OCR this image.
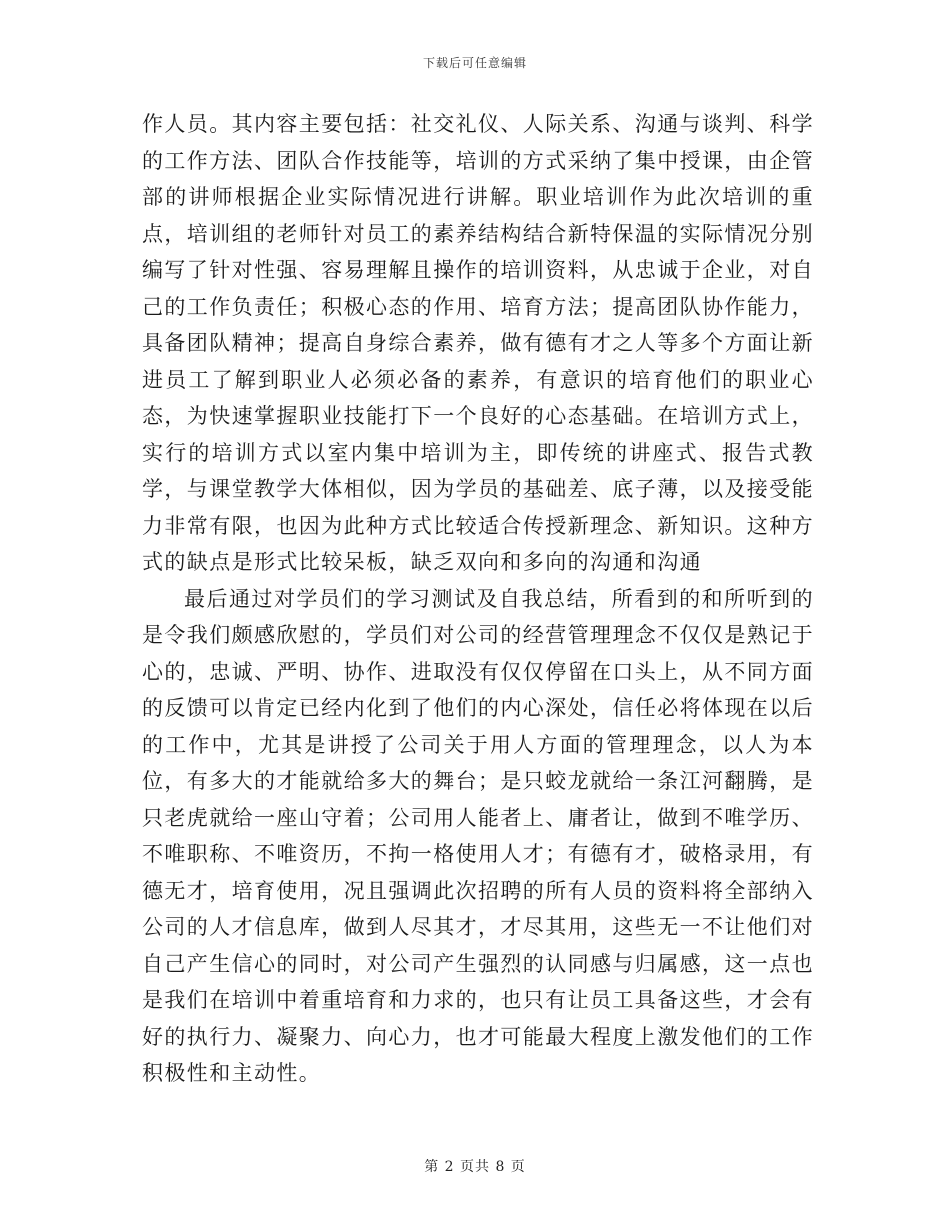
下载后可任意编辑

作人员。其内容主要包括：社交礼仪、人际关系、沟通与谈判、科学的工作方法、团队合作技能等，培训的方式采纳了集中授课，由企管部的讲师根据企业实际情况进行讲解。职业培训作为此次培训的重点，培训组的老师针对员工的素养结构结合新特保温的实际情况分别编写了针对性强、容易理解且操作的培训资料，从忠诚于企业，对自己的工作负责任；积极心态的作用、培育方法；提高团队协作能力，具备团队精神；提高自身综合素养，做有德有才之人等多个方面让新进员工了解到职业人必须必备的素养，有意识的培育他们的职业心态，为快速掌握职业技能打下一个良好的心态基础。在培训方式上，实行的培训方式以室内集中培训为主，即传统的讲座式、报告式教学，与课堂教学大体相似，因为学员的基础差、底子薄，以及接受能力非常有限，也因为此种方式比较适合传授新理念、新知识。这种方式的缺点是形式比较呆板，缺乏双向和多向的沟通和沟通

最后通过对学员们的学习测试及自我总结，所看到的和所听到的是令我们颇感欣慰的，学员们对公司的经营管理理念不仅仅是熟记于心的，忠诚、严明、协作、进取没有仅仅停留在口头上，从不同方面的反馈可以肯定已经内化到了他们的内心深处，信任必将体现在以后的工作中，尤其是讲授了公司关于用人方面的管理理念，以人为本位，有多大的才能就给多大的舞台；是只蛟龙就给一条江河翻腾，是只老虎就给一座山守着；公司用人能者上、庸者让，做到不唯学历、不唯职称、不唯资历，不拘一格使用人才；有德有才，破格录用，有德无才，培育使用，况且强调此次招聘的所有人员的资料将全部纳入公司的人才信息库，做到人尽其才，才尽其用，这些无一不让他们对自己产生信心的同时，对公司产生强烈的认同感与归属感，这一点也是我们在培训中着重培育和力求的，也只有让员工具备这些，才会有好的执行力、凝聚力、向心力，也才可能最大程度上激发他们的工作积极性和主动性。

第 2 页共 8 页
